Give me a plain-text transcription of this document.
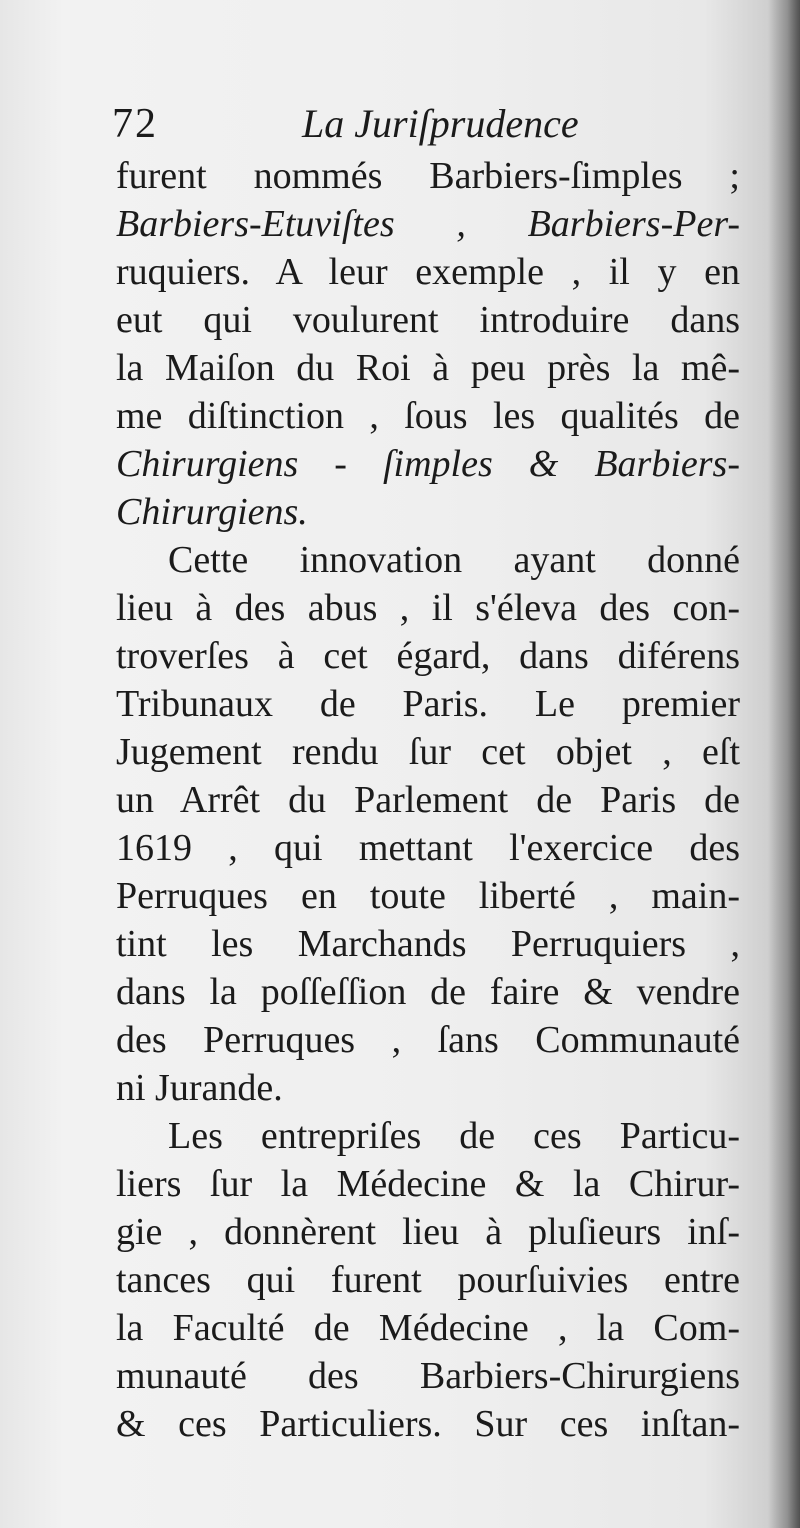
72	La Juriſprudence
furent nommés Barbiers-ſimples ;
Barbiers-Etuviſtes , Barbiers-Per-
ruquiers. A leur exemple , il y en
eut qui voulurent introduire dans
la Maiſon du Roi à peu près la mê-
me diſtinction , ſous les qualités de
Chirurgiens - ſimples & Barbiers-
Chirurgiens.
Cette innovation ayant donné
lieu à des abus , il s'éleva des con-
troverſes à cet égard, dans diférens
Tribunaux de Paris. Le premier
Jugement rendu ſur cet objet , eſt
un Arrêt du Parlement de Paris de
1619 , qui mettant l'exercice des
Perruques en toute liberté , main-
tint les Marchands Perruquiers ,
dans la poſſeſſion de faire & vendre
des Perruques , ſans Communauté
ni Jurande.
Les entrepriſes de ces Particu-
liers ſur la Médecine & la Chirur-
gie , donnèrent lieu à pluſieurs inſ-
tances qui furent pourſuivies entre
la Faculté de Médecine , la Com-
munauté des Barbiers-Chirurgiens
& ces Particuliers. Sur ces inſtan-
